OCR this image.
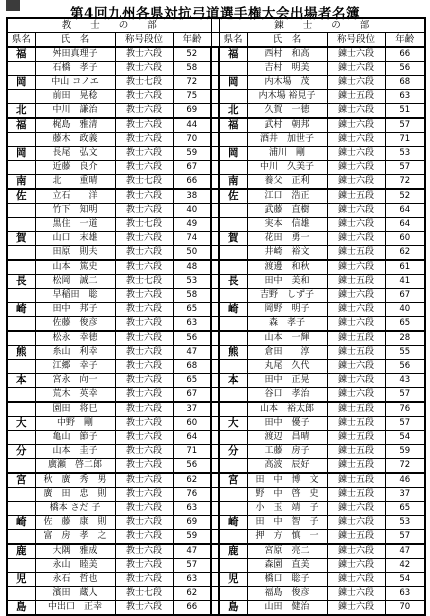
第4回九州各県対抗弓道選手権大会出場者名簿
教　　士　　の　　部					錬　　士　　の　　部			
県名	氏　名	称号段位	年齢		県名	氏　名	称号段位	年齢
福	舛田真理子	教士六段	52		福	西村　和高	錬士六段	66
	石橋　孝子	教士六段	58			吉村　明美	錬士六段	56
岡	中山 コノエ	教士七段	72		岡	内木場　茂	錬士六段	68
	前田　晃稔	教士六段	75			内木場 裕見子	錬士五段	63
北	中川　謙治	教士六段	69		北	久賀　一徳	錬士六段	51
福	梶島　雅清	教士六段	44		福	武村　朝邦	錬士六段	57
	藤木　政義	教士六段	70			酒井　加世子	錬士六段	71
岡	長尾　弘文	教士六段	59		岡	浦川　剛	錬士六段	53
	近藤　良介	教士六段	67			中川　久美子	錬士六段	57
南	北　　重晴	教士七段	66		南	養父　正利	錬士六段	72
佐	立石　　洋	教士六段	38		佐	江口　浩正	錬士五段	52
	竹下　知明	教士六段	40			武藤　直樹	錬士六段	64
	黒住　一道	教士七段	49			実本　信雄	錬士六段	64
賀	山口　末雄	教士六段	74		賀	花田　勇一	錬士六段	60
	田原　則夫	教士六段	50			井崎　裕文	錬士五段	62
	山本　篤史	教士六段	48			渡邊　和秋	錬士六段	61
長	松岡　誠二	教士七段	53		長	田中　美和	錬士五段	41
	早稲田　聡	教士六段	58			吉野　しず子	錬士六段	67
崎	田中　邦子	教士六段	65		崎	岡野　明子	錬士六段	40
	佐藤　俊彦	教士六段	63			森　孝子	錬士六段	65
	松永　幸徳	教士六段	56			山本　一輝	錬士五段	28
熊	糸山　利幸	教士六段	47		熊	倉田　　淳	錬士五段	55
	江郷　幸子	教士六段	68			丸尾　久代	錬士六段	56
本	宮永　向一	教士六段	65		本	田中　正晃	錬士六段	43
	荒木　英幸	教士六段	67			谷口　孝治	錬士六段	57
	園田　将巳	教士六段	37			山本　裕太郎	錬士五段	76
大	中野　剛	教士六段	60		大	田中　優子	錬士五段	57
	亀山　節子	教士六段	64			渡辺　昌晴	錬士五段	54
分	山本　圭子	教士六段	71		分	工藤　房子	錬士五段	59
	廣瀬　啓二郎	教士六段	56			高波　辰好	錬士五段	72
宮	秋　廣　秀　男	教士六段	62		宮	田　中　博　文	錬士五段	46
	廣　田　忠　則	教士六段	76			野　中　啓　史	錬士五段	37
	橋本 さだ 子	教士六段	63			小　玉　靖　子	錬士六段	65
崎	佐　藤　康　則	教士六段	69		崎	田　中　智　子	錬士六段	53
	富　房　孝　之	教士六段	59			押　方　慎　一	錬士五段	57
鹿	大隅　雅成	教士六段	47		鹿	宮原　亮二	錬士六段	47
	永山　睦美	教士六段	57			森園　直美	錬士六段	42
児	永石　哲也	教士六段	63		児	橋口　聡子	錬士六段	54
	濱田　蔵人	教士七段	62			福島　俊彦	錬士六段	63
島	中出口　正幸	教士六段	66		島	山田　健治	錬士六段	70
